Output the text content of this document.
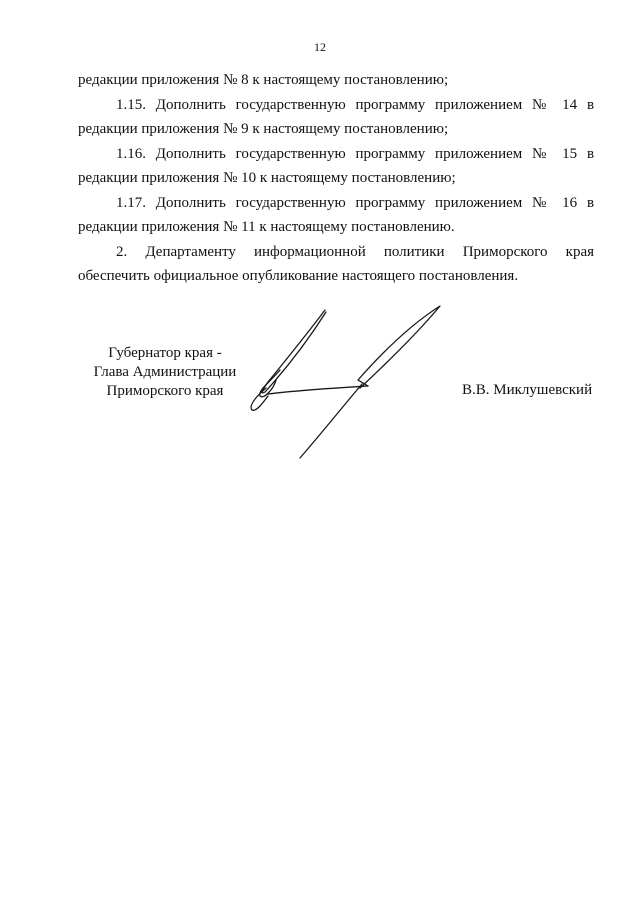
12
редакции приложения № 8 к настоящему постановлению;
1.15. Дополнить государственную программу приложением № 14 в
редакции приложения № 9 к настоящему постановлению;
1.16. Дополнить государственную программу приложением № 15 в
редакции приложения № 10 к настоящему постановлению;
1.17. Дополнить государственную программу приложением № 16 в
редакции приложения № 11 к настоящему постановлению.
2. Департаменту информационной политики Приморского края
обеспечить официальное опубликование настоящего постановления.
Губернатор края -
Глава Администрации
Приморского края	В.В. Миклушевский
